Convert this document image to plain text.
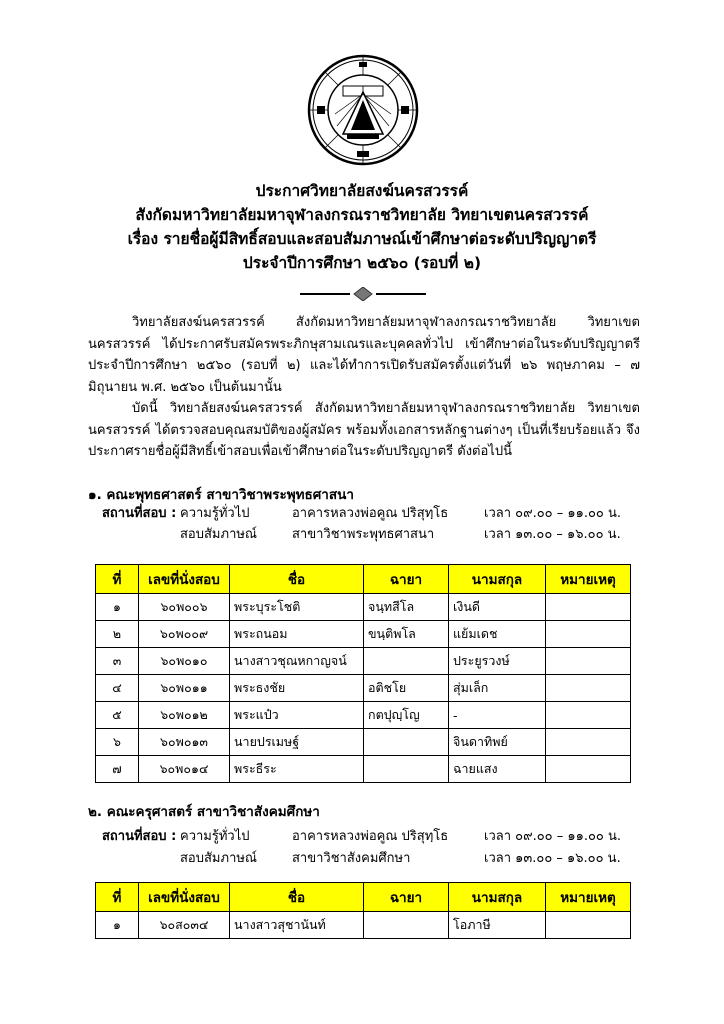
ประกาศวิทยาลัยสงฆ์นครสวรรค์
สังกัดมหาวิทยาลัยมหาจุฬาลงกรณราชวิทยาลัย วิทยาเขตนครสวรรค์
เรื่อง รายชื่อผู้มีสิทธิ์สอบและสอบสัมภาษณ์เข้าศึกษาต่อระดับปริญญาตรี
ประจำปีการศึกษา ๒๕๖๐ (รอบที่ ๒)
วิทยาลัยสงฆ์นครสวรรค์ สังกัดมหาวิทยาลัยมหาจุฬาลงกรณราชวิทยาลัย วิทยาเขตนครสวรรค์ ได้ประกาศรับสมัครพระภิกษุสามเณรและบุคคลทั่วไป เข้าศึกษาต่อในระดับปริญญาตรี ประจำปีการศึกษา ๒๕๖๐ (รอบที่ ๒) และได้ทำการเปิดรับสมัครตั้งแต่วันที่ ๒๖ พฤษภาคม – ๗ มิถุนายน พ.ศ. ๒๕๖๐ เป็นต้นมานั้น
บัดนี้ วิทยาลัยสงฆ์นครสวรรค์ สังกัดมหาวิทยาลัยมหาจุฬาลงกรณราชวิทยาลัย วิทยาเขตนครสวรรค์ ได้ตรวจสอบคุณสมบัติของผู้สมัคร พร้อมทั้งเอกสารหลักฐานต่างๆ เป็นที่เรียบร้อยแล้ว จึงประกาศรายชื่อผู้มีสิทธิ์เข้าสอบเพื่อเข้าศึกษาต่อในระดับปริญญาตรี ดังต่อไปนี้
๑. คณะพุทธศาสตร์ สาขาวิชาพระพุทธศาสนา
สถานที่สอบ : ความรู้ทั่วไป	อาคารหลวงพ่อคูณ ปริสุทฺโธ	เวลา ๐๙.๐๐ – ๑๑.๐๐ น.
สอบสัมภาษณ์	สาขาวิชาพระพุทธศาสนา	เวลา ๑๓.๐๐ – ๑๖.๐๐ น.
ที่	เลขที่นั่งสอบ	ชื่อ	ฉายา	นามสกุล	หมายเหตุ
๑	๖๐พ๐๐๖	พระบุระโชติ	จนฺทสีโล	เงินดี	
๒	๖๐พ๐๐๙	พระถนอม	ขนฺติพโล	แย้มเดช	
๓	๖๐พ๐๑๐	นางสาวชุณหกาญจน์		ประยูรวงษ์	
๔	๖๐พ๐๑๑	พระธงชัย	อติชโย	สุ่มเล็ก	
๕	๖๐พ๐๑๒	พระแป๋ว	กตปุญฺโญ	-	
๖	๖๐พ๐๑๓	นายปรเมษฐ์		จินดาทิพย์	
๗	๖๐พ๐๑๔	พระธีระ		ฉายแสง	
๒. คณะครุศาสตร์ สาขาวิชาสังคมศึกษา
สถานที่สอบ : ความรู้ทั่วไป	อาคารหลวงพ่อคูณ ปริสุทฺโธ	เวลา ๐๙.๐๐ – ๑๑.๐๐ น.
สอบสัมภาษณ์	สาขาวิชาสังคมศึกษา	เวลา ๑๓.๐๐ – ๑๖.๐๐ น.
ที่	เลขที่นั่งสอบ	ชื่อ	ฉายา	นามสกุล	หมายเหตุ
๑	๖๐ส๐๓๔	นางสาวสุชานันท์		โอภาษี	
